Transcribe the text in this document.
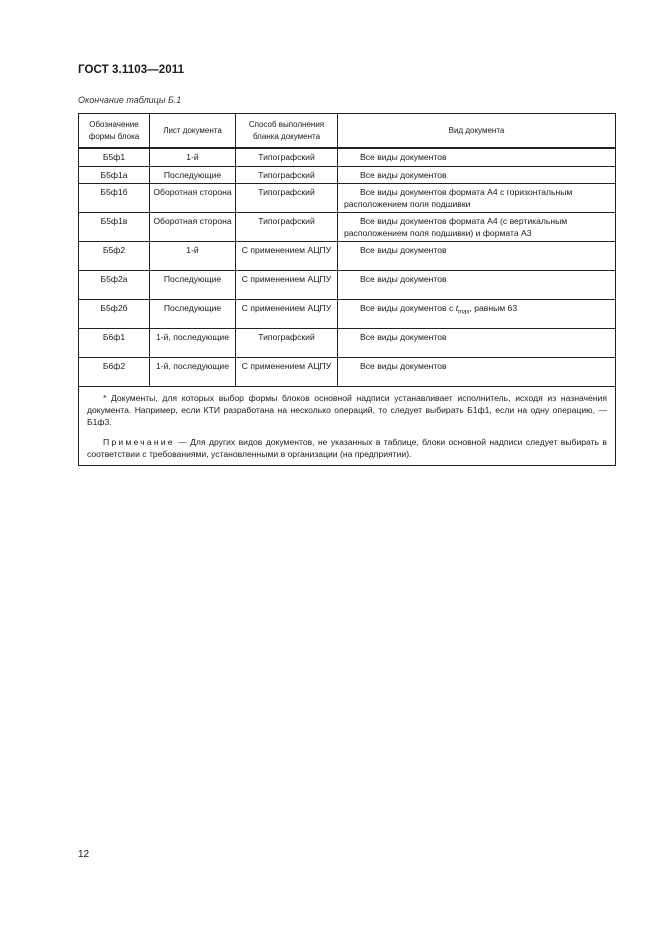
ГОСТ 3.1103—2011
Окончание таблицы Б.1
Обозначение формы блока	Лист документа	Способ выполнения бланка документа	Вид документа
Б5ф1	1-й	Типографский	Все виды документов
Б5ф1а	Последующие	Типографский	Все виды документов
Б5ф1б	Оборотная сторона	Типографский	Все виды документов формата А4 с горизонтальным расположением поля подшивки
Б5ф1в	Оборотная сторона	Типографский	Все виды документов формата А4 (с вертикальным расположением поля подшивки) и формата А3
Б5ф2	1-й	С применением АЦПУ	Все виды документов
Б5ф2а	Последующие	С применением АЦПУ	Все виды документов
Б5ф2б	Последующие	С применением АЦПУ	Все виды документов с $t_{max}$, равным 63
Б6ф1	1-й, последующие	Типографский	Все виды документов
Б6ф2	1-й, последующие	С применением АЦПУ	Все виды документов

* Документы, для которых выбор формы блоков основной надписи устанавливает исполнитель, исходя из назначения документа. Например, если КТИ разработана на несколько операций, то следует выбирать Б1ф1, если на одну операцию, — Б1ф3.

Примечание — Для других видов документов, не указанных в таблице, блоки основной надписи следует выбирать в соответствии с требованиями, установленными в организации (на предприятии).			

12
